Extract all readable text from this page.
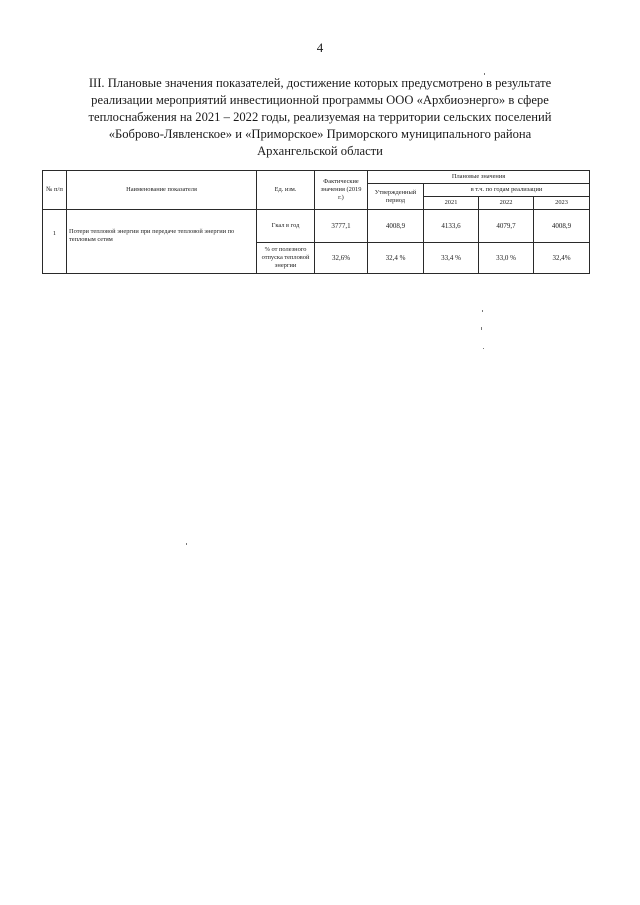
4
III. Плановые значения показателей, достижение которых предусмотрено в результате
реализации мероприятий инвестиционной программы ООО «Архбиоэнерго» в сфере
теплоснабжения на 2021 – 2022 годы, реализуемая на территории сельских поселений
«Боброво-Лявленское» и «Приморское» Приморского муниципального района
Архангельской области
№ п/п	Наименование показателя	Ед. изм.	Фактические значения (2019 г.)	Плановые значения			
				Утвержденный период	в т.ч. по годам реализации		
					2021	2022	2023
1	Потери тепловой энергии при передаче тепловой энергии по тепловым сетям	Гкал в год	3777,1	4008,9	4133,6	4079,7	4008,9
		% от полезного отпуска тепловой энергии	32,6%	32,4 %	33,4 %	33,0 %	32,4%
